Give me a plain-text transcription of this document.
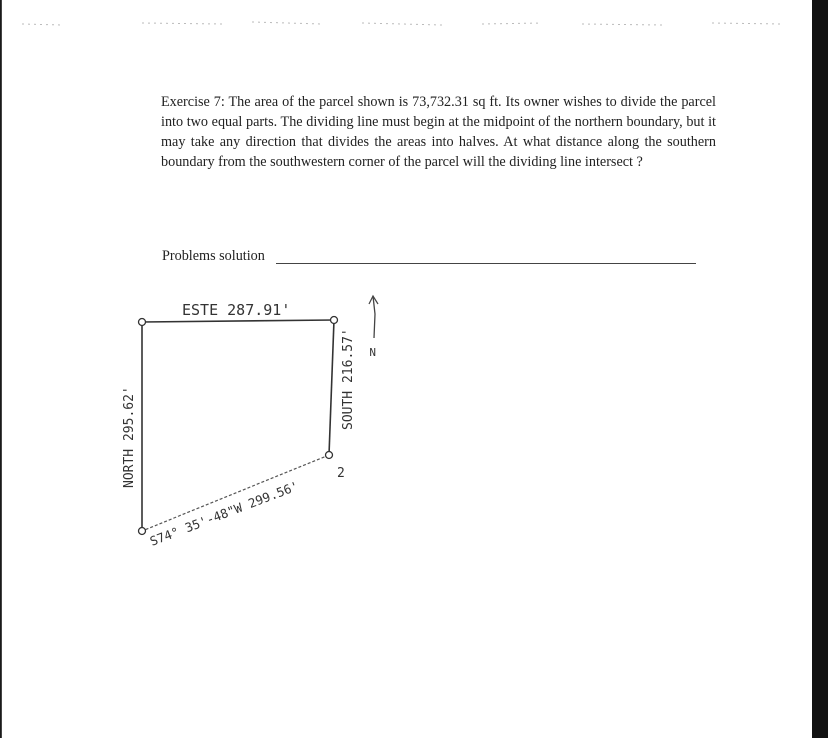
Exercise 7: The area of the parcel shown is 73,732.31 sq ft. Its owner wishes to divide the parcel into two equal parts. The dividing line must begin at the midpoint of the northern boundary, but it may take any direction that divides the areas into halves. At what distance along the southern boundary from the southwestern corner of the parcel will the dividing line intersect ?
Problems solution
ESTE 287.91'
SOUTH 216.57'
NORTH 295.62'
S74° 35'-48"W 299.56'
2
N
